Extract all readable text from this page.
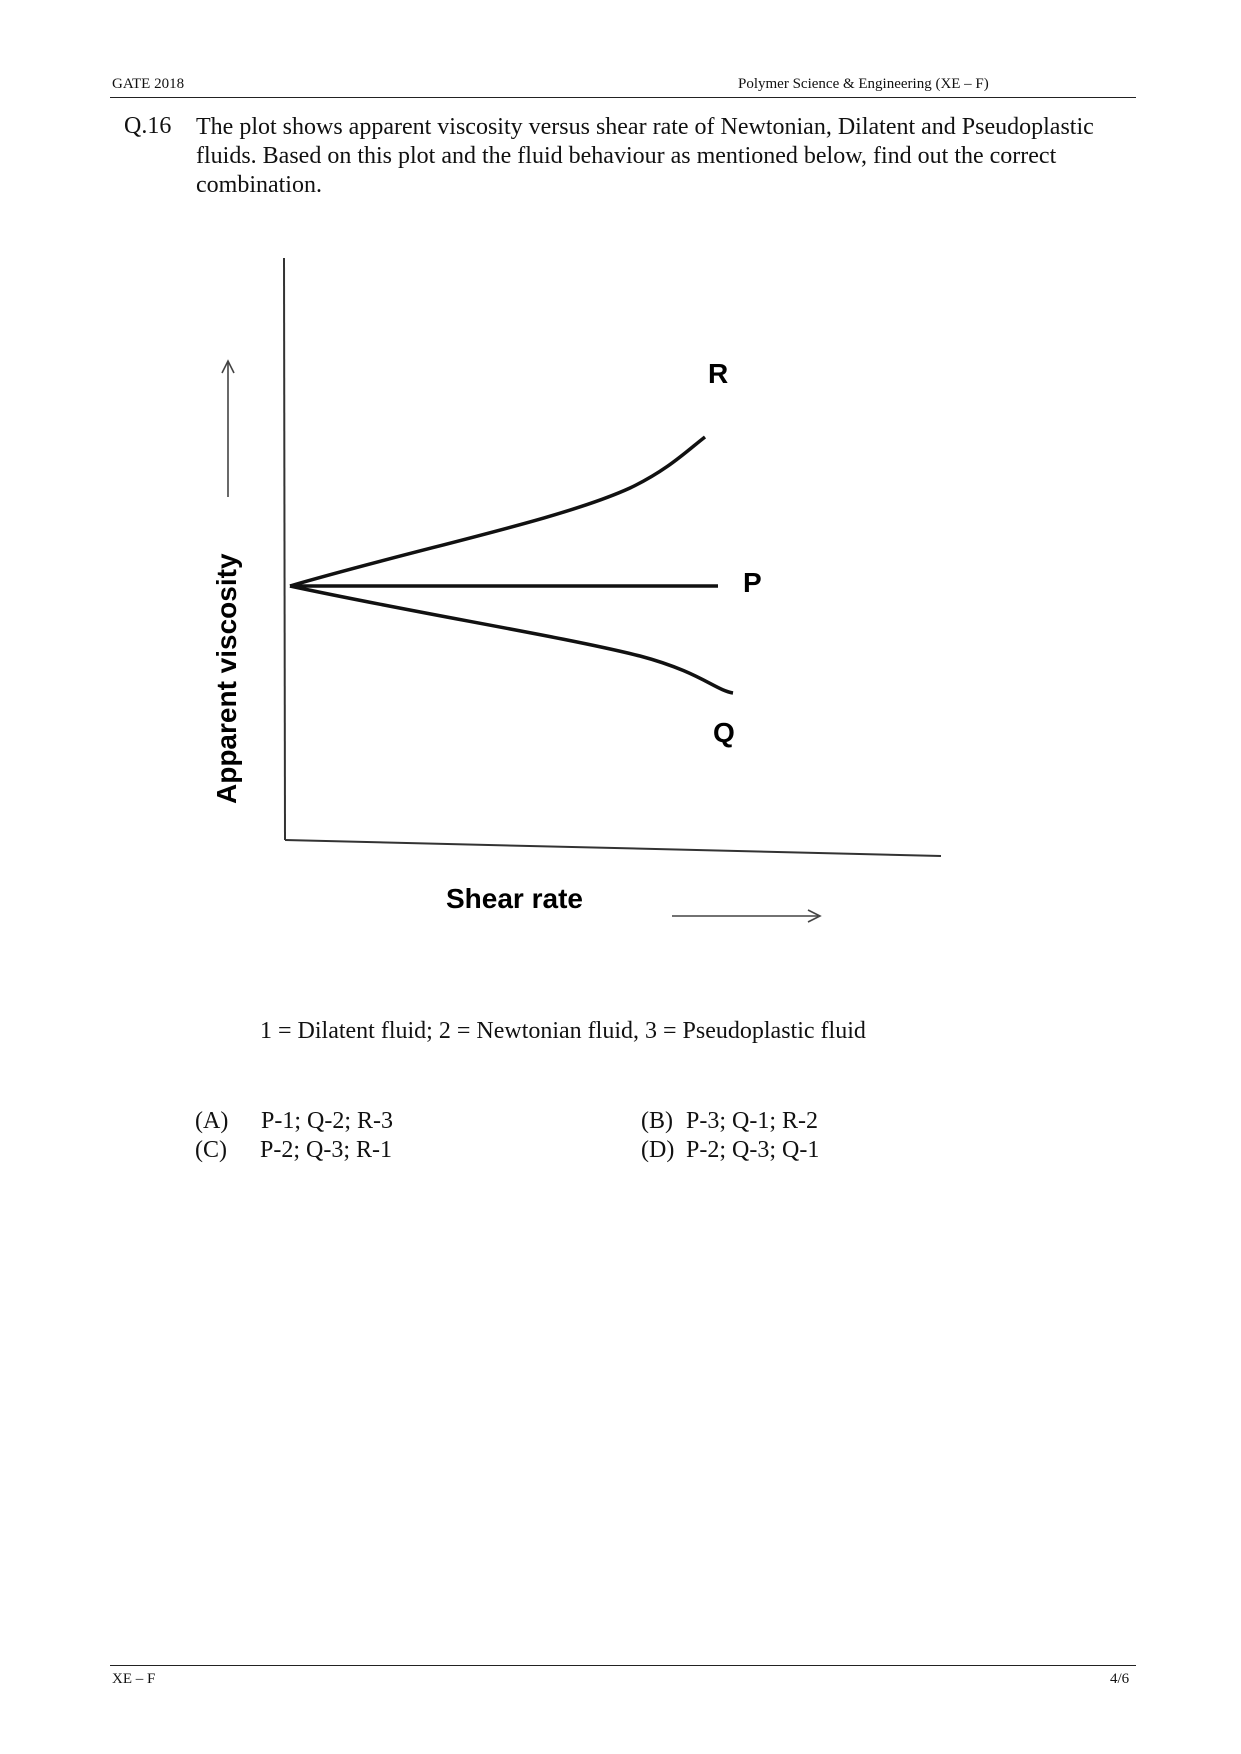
GATE 2018	Polymer Science & Engineering (XE – F)
Q.16 The plot shows apparent viscosity versus shear rate of Newtonian, Dilatent and Pseudoplastic fluids. Based on this plot and the fluid behaviour as mentioned below, find out the correct combination.
R
P
Q
Shear rate
Apparent viscosity
1 = Dilatent fluid; 2 = Newtonian fluid, 3 = Pseudoplastic fluid
(A) P-1; Q-2; R-3	(B) P-3; Q-1; R-2
(C) P-2; Q-3; R-1	(D) P-2; Q-3; Q-1
XE – F	4/6
